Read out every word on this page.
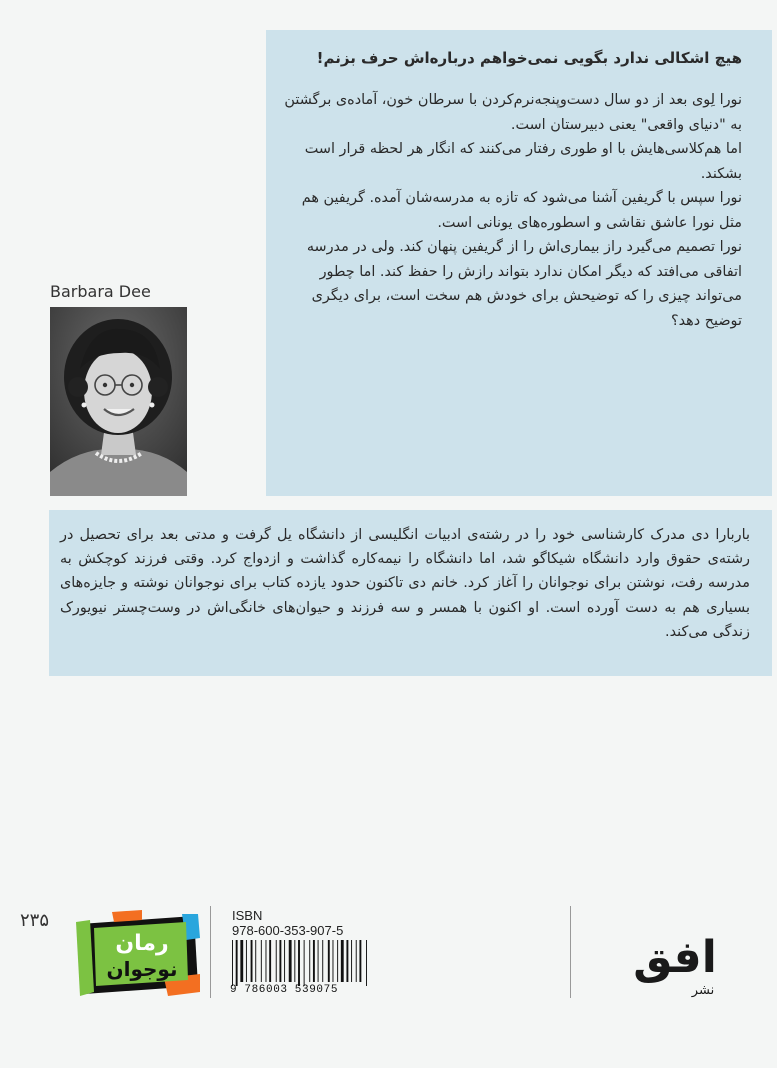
هیچ اشکالی ندارد بگویی نمی‌خواهم درباره‌اش حرف بزنم!

نورا لِوی بعد از دو سال دست‌وپنجه‌نرم‌کردن با سرطان خون، آماده‌ی برگشتن به "دنیای واقعی" یعنی دبیرستان است.

اما هم‌کلاسی‌هایش با او طوری رفتار می‌کنند که انگار هر لحظه قرار است بشکند.

نورا سپس با گریفین آشنا می‌شود که تازه به مدرسه‌شان آمده. گریفین هم مثل نورا عاشق نقاشی و اسطوره‌های یونانی است.

نورا تصمیم می‌گیرد راز بیماری‌اش را از گریفین پنهان کند. ولی در مدرسه اتفاقی می‌افتد که دیگر امکان ندارد بتواند رازش را حفظ کند. اما چطور می‌تواند چیزی را که توضیحش برای خودش هم سخت است، برای دیگری توضیح دهد؟

Barbara Dee
باربارا دی مدرک کارشناسی خود را در رشته‌ی ادبیات انگلیسی از دانشگاه یل گرفت و مدتی بعد برای تحصیل در رشته‌ی حقوق وارد دانشگاه شیکاگو شد، اما دانشگاه را نیمه‌کاره گذاشت و ازدواج کرد. وقتی فرزند کوچکش به مدرسه رفت، نوشتن برای نوجوانان را آغاز کرد. خانم دی تاکنون حدود یازده کتاب برای نوجوانان نوشته و جایزه‌های بسیاری هم به دست آورده است. او اکنون با همسر و سه فرزند و حیوان‌های خانگی‌اش در وست‌چستر نیویورک زندگی می‌کند.
۲۳۵
رمان
نوجوان
ISBN
978-600-353-907-5
9 786003 539075
افق
نشر
